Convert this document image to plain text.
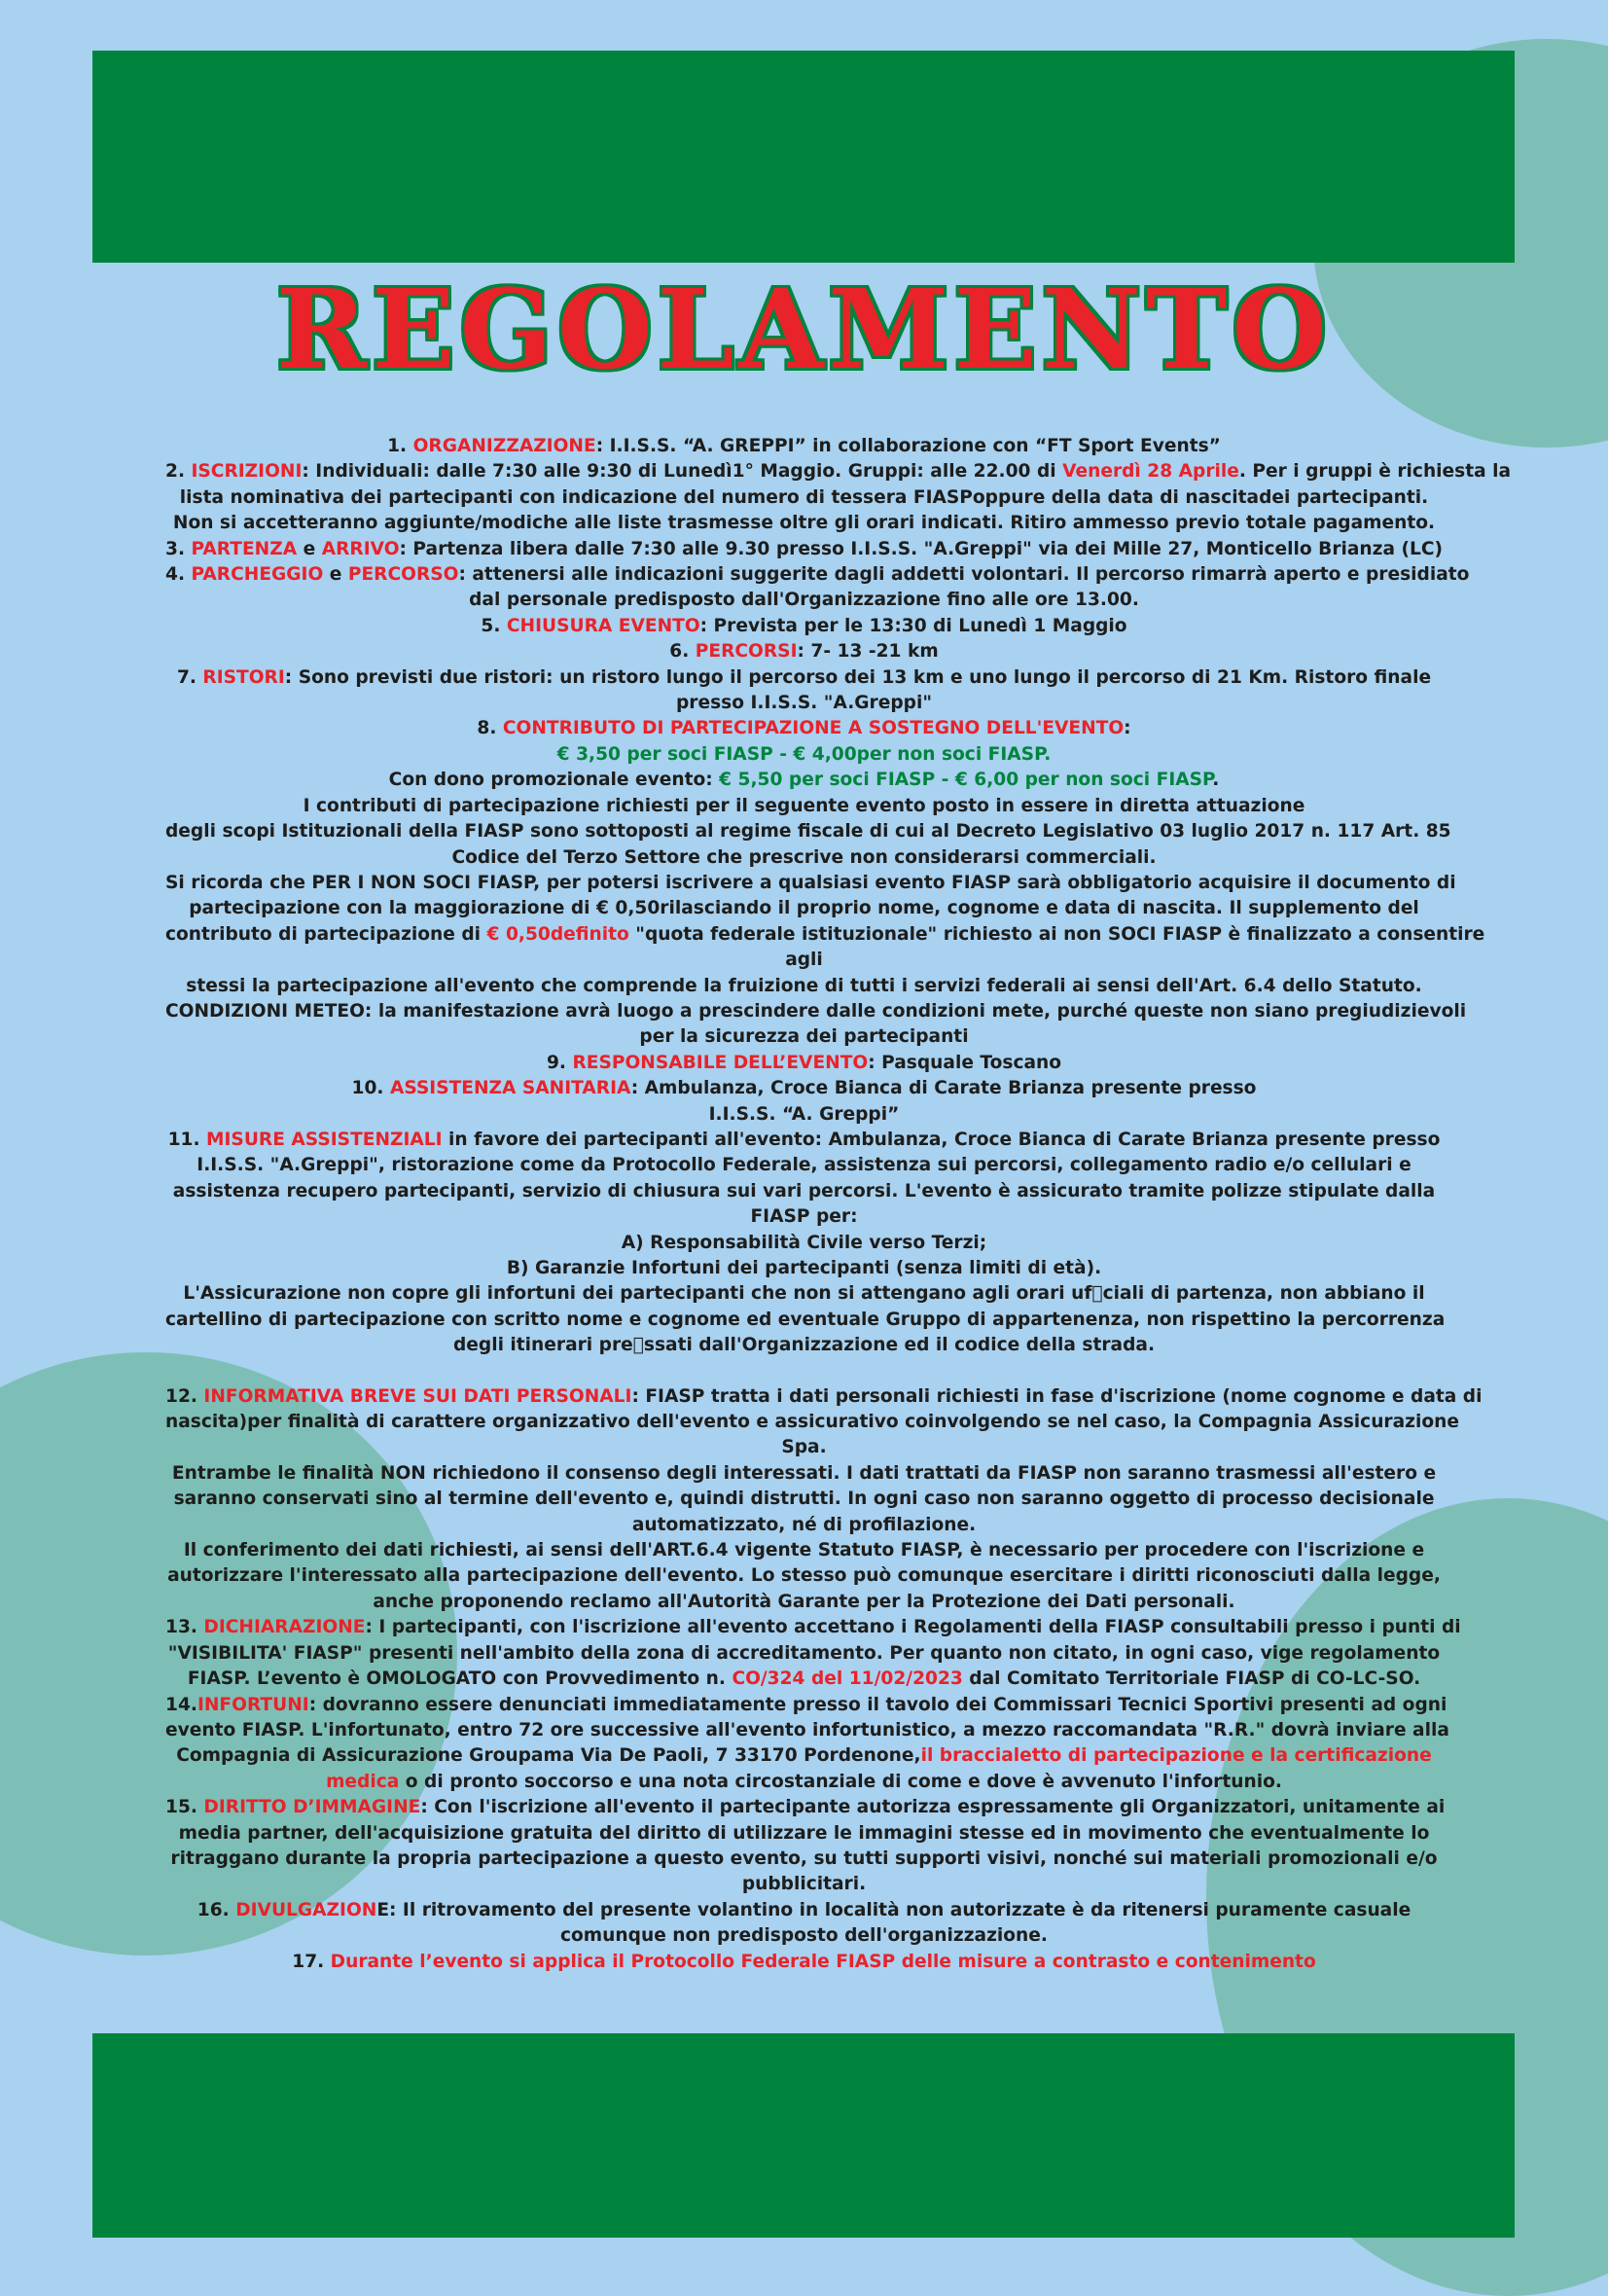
REGOLAMENTO
1. ORGANIZZAZIONE: I.I.S.S. “A. GREPPI” in collaborazione con “FT Sport Events”
2. ISCRIZIONI: Individuali: dalle 7:30 alle 9:30 di Lunedì1° Maggio. Gruppi: alle 22.00 di Venerdì 28 Aprile. Per i gruppi è richiesta la
lista nominativa dei partecipanti con indicazione del numero di tessera FIASPoppure della data di nascitadei partecipanti.
Non si accetteranno aggiunte/modiche alle liste trasmesse oltre gli orari indicati. Ritiro ammesso previo totale pagamento.
3. PARTENZA e ARRIVO: Partenza libera dalle 7:30 alle 9.30 presso I.I.S.S. "A.Greppi" via dei Mille 27, Monticello Brianza (LC)
4. PARCHEGGIO e PERCORSO: attenersi alle indicazioni suggerite dagli addetti volontari. Il percorso rimarrà aperto e presidiato
dal personale predisposto dall'Organizzazione fino alle ore 13.00.
5. CHIUSURA EVENTO: Prevista per le 13:30 di Lunedì 1 Maggio
6. PERCORSI: 7- 13 -21 km
7. RISTORI: Sono previsti due ristori: un ristoro lungo il percorso dei 13 km e uno lungo il percorso di 21 Km. Ristoro finale
presso I.I.S.S. "A.Greppi"
8. CONTRIBUTO DI PARTECIPAZIONE A SOSTEGNO DELL'EVENTO:
€ 3,50 per soci FIASP - € 4,00per non soci FIASP.
Con dono promozionale evento: € 5,50 per soci FIASP - € 6,00 per non soci FIASP.
I contributi di partecipazione richiesti per il seguente evento posto in essere in diretta attuazione
degli scopi Istituzionali della FIASP sono sottoposti al regime fiscale di cui al Decreto Legislativo 03 luglio 2017 n. 117 Art. 85
Codice del Terzo Settore che prescrive non considerarsi commerciali.
Si ricorda che PER I NON SOCI FIASP, per potersi iscrivere a qualsiasi evento FIASP sarà obbligatorio acquisire il documento di
partecipazione con la maggiorazione di € 0,50rilasciando il proprio nome, cognome e data di nascita. Il supplemento del
contributo di partecipazione di € 0,50definito "quota federale istituzionale" richiesto ai non SOCI FIASP è finalizzato a consentire
agli
stessi la partecipazione all'evento che comprende la fruizione di tutti i servizi federali ai sensi dell'Art. 6.4 dello Statuto.
CONDIZIONI METEO: la manifestazione avrà luogo a prescindere dalle condizioni mete, purché queste non siano pregiudizievoli
per la sicurezza dei partecipanti
9. RESPONSABILE DELL’EVENTO: Pasquale Toscano
10. ASSISTENZA SANITARIA: Ambulanza, Croce Bianca di Carate Brianza presente presso
I.I.S.S. “A. Greppi”
11. MISURE ASSISTENZIALI in favore dei partecipanti all'evento: Ambulanza, Croce Bianca di Carate Brianza presente presso
I.I.S.S. "A.Greppi", ristorazione come da Protocollo Federale, assistenza sui percorsi, collegamento radio e/o cellulari e
assistenza recupero partecipanti, servizio di chiusura sui vari percorsi. L'evento è assicurato tramite polizze stipulate dalla
FIASP per:
A) Responsabilità Civile verso Terzi;
B) Garanzie Infortuni dei partecipanti (senza limiti di età).
L'Assicurazione non copre gli infortuni dei partecipanti che non si attengano agli orari uf ciali di partenza, non abbiano il
cartellino di partecipazione con scritto nome e cognome ed eventuale Gruppo di appartenenza, non rispettino la percorrenza
degli itinerari pre ssati dall'Organizzazione ed il codice della strada.
12. INFORMATIVA BREVE SUI DATI PERSONALI: FIASP tratta i dati personali richiesti in fase d'iscrizione (nome cognome e data di
nascita)per finalità di carattere organizzativo dell'evento e assicurativo coinvolgendo se nel caso, la Compagnia Assicurazione
Spa.
Entrambe le finalità NON richiedono il consenso degli interessati. I dati trattati da FIASP non saranno trasmessi all'estero e
saranno conservati sino al termine dell'evento e, quindi distrutti. In ogni caso non saranno oggetto di processo decisionale
automatizzato, né di profilazione.
Il conferimento dei dati richiesti, ai sensi dell'ART.6.4 vigente Statuto FIASP, è necessario per procedere con l'iscrizione e
autorizzare l'interessato alla partecipazione dell'evento. Lo stesso può comunque esercitare i diritti riconosciuti dalla legge,
anche proponendo reclamo all'Autorità Garante per la Protezione dei Dati personali.
13. DICHIARAZIONE: I partecipanti, con l'iscrizione all'evento accettano i Regolamenti della FIASP consultabili presso i punti di
"VISIBILITA' FIASP" presenti nell'ambito della zona di accreditamento. Per quanto non citato, in ogni caso, vige regolamento
FIASP. L’evento è OMOLOGATO con Provvedimento n. CO/324 del 11/02/2023 dal Comitato Territoriale FIASP di CO-LC-SO.
14.INFORTUNI: dovranno essere denunciati immediatamente presso il tavolo dei Commissari Tecnici Sportivi presenti ad ogni
evento FIASP. L'infortunato, entro 72 ore successive all'evento infortunistico, a mezzo raccomandata "R.R." dovrà inviare alla
Compagnia di Assicurazione Groupama Via De Paoli, 7 33170 Pordenone,il braccialetto di partecipazione e la certificazione
medica o di pronto soccorso e una nota circostanziale di come e dove è avvenuto l'infortunio.
15. DIRITTO D’IMMAGINE: Con l'iscrizione all'evento il partecipante autorizza espressamente gli Organizzatori, unitamente ai
media partner, dell'acquisizione gratuita del diritto di utilizzare le immagini stesse ed in movimento che eventualmente lo
ritraggano durante la propria partecipazione a questo evento, su tutti supporti visivi, nonché sui materiali promozionali e/o
pubblicitari.
16. DIVULGAZIONE: Il ritrovamento del presente volantino in località non autorizzate è da ritenersi puramente casuale
comunque non predisposto dell'organizzazione.
17. Durante l’evento si applica il Protocollo Federale FIASP delle misure a contrasto e contenimento
